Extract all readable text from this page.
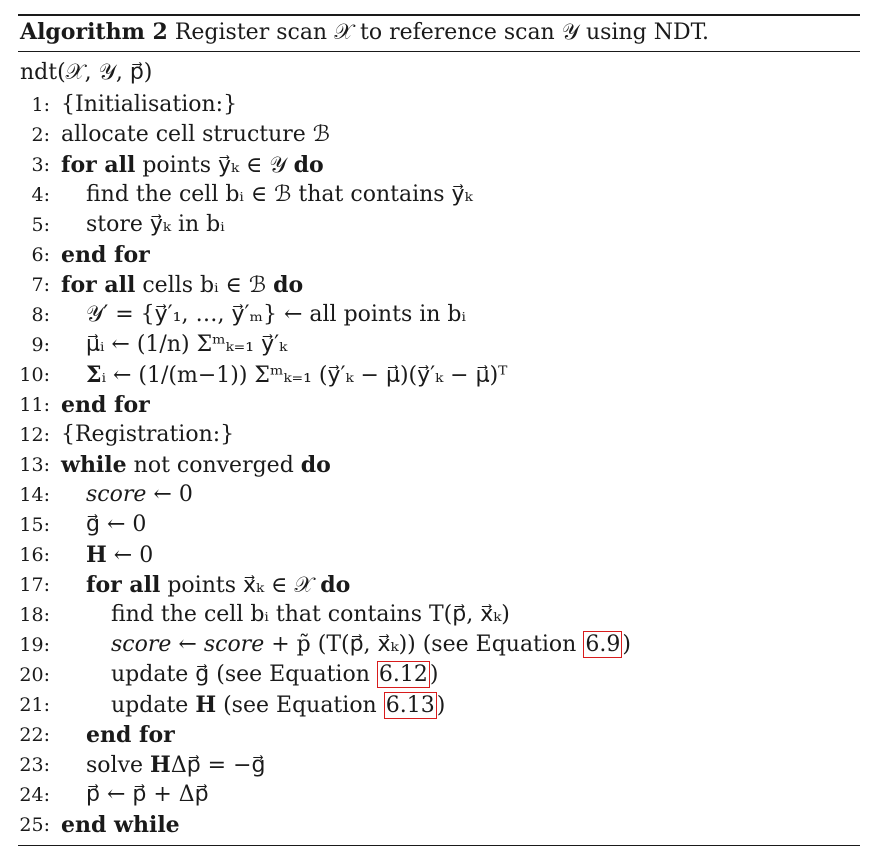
Algorithm 2 Register scan 𝒳 to reference scan 𝒴 using NDT.
ndt(𝒳, 𝒴, p⃗)
1: {Initialisation:}
2: allocate cell structure ℬ
3: for all points y⃗ₖ ∈ 𝒴 do
4: find the cell bᵢ ∈ ℬ that contains y⃗ₖ
5: store y⃗ₖ in bᵢ
6: end for
7: for all cells bᵢ ∈ ℬ do
8: 𝒴′ = {y⃗′₁, …, y⃗′ₘ} ← all points in bᵢ
9: μ⃗ᵢ ← (1/n) Σᵐₖ₌₁ y⃗′ₖ
10: Σᵢ ← (1/(m−1)) Σᵐₖ₌₁ (y⃗′ₖ − μ⃗)(y⃗′ₖ − μ⃗)ᵀ
11: end for
12: {Registration:}
13: while not converged do
14: score ← 0
15: g⃗ ← 0
16: H ← 0
17: for all points x⃗ₖ ∈ 𝒳 do
18:	find the cell bᵢ that contains T(p⃗, x⃗ₖ)
19:	score ← score + p̃ (T(p⃗, x⃗ₖ)) (see Equation 6.9)
20:	update g⃗ (see Equation 6.12)
21:	update H (see Equation 6.13)
22: end for
23: solve HΔp⃗ = −g⃗
24: p⃗ ← p⃗ + Δp⃗
25: end while
